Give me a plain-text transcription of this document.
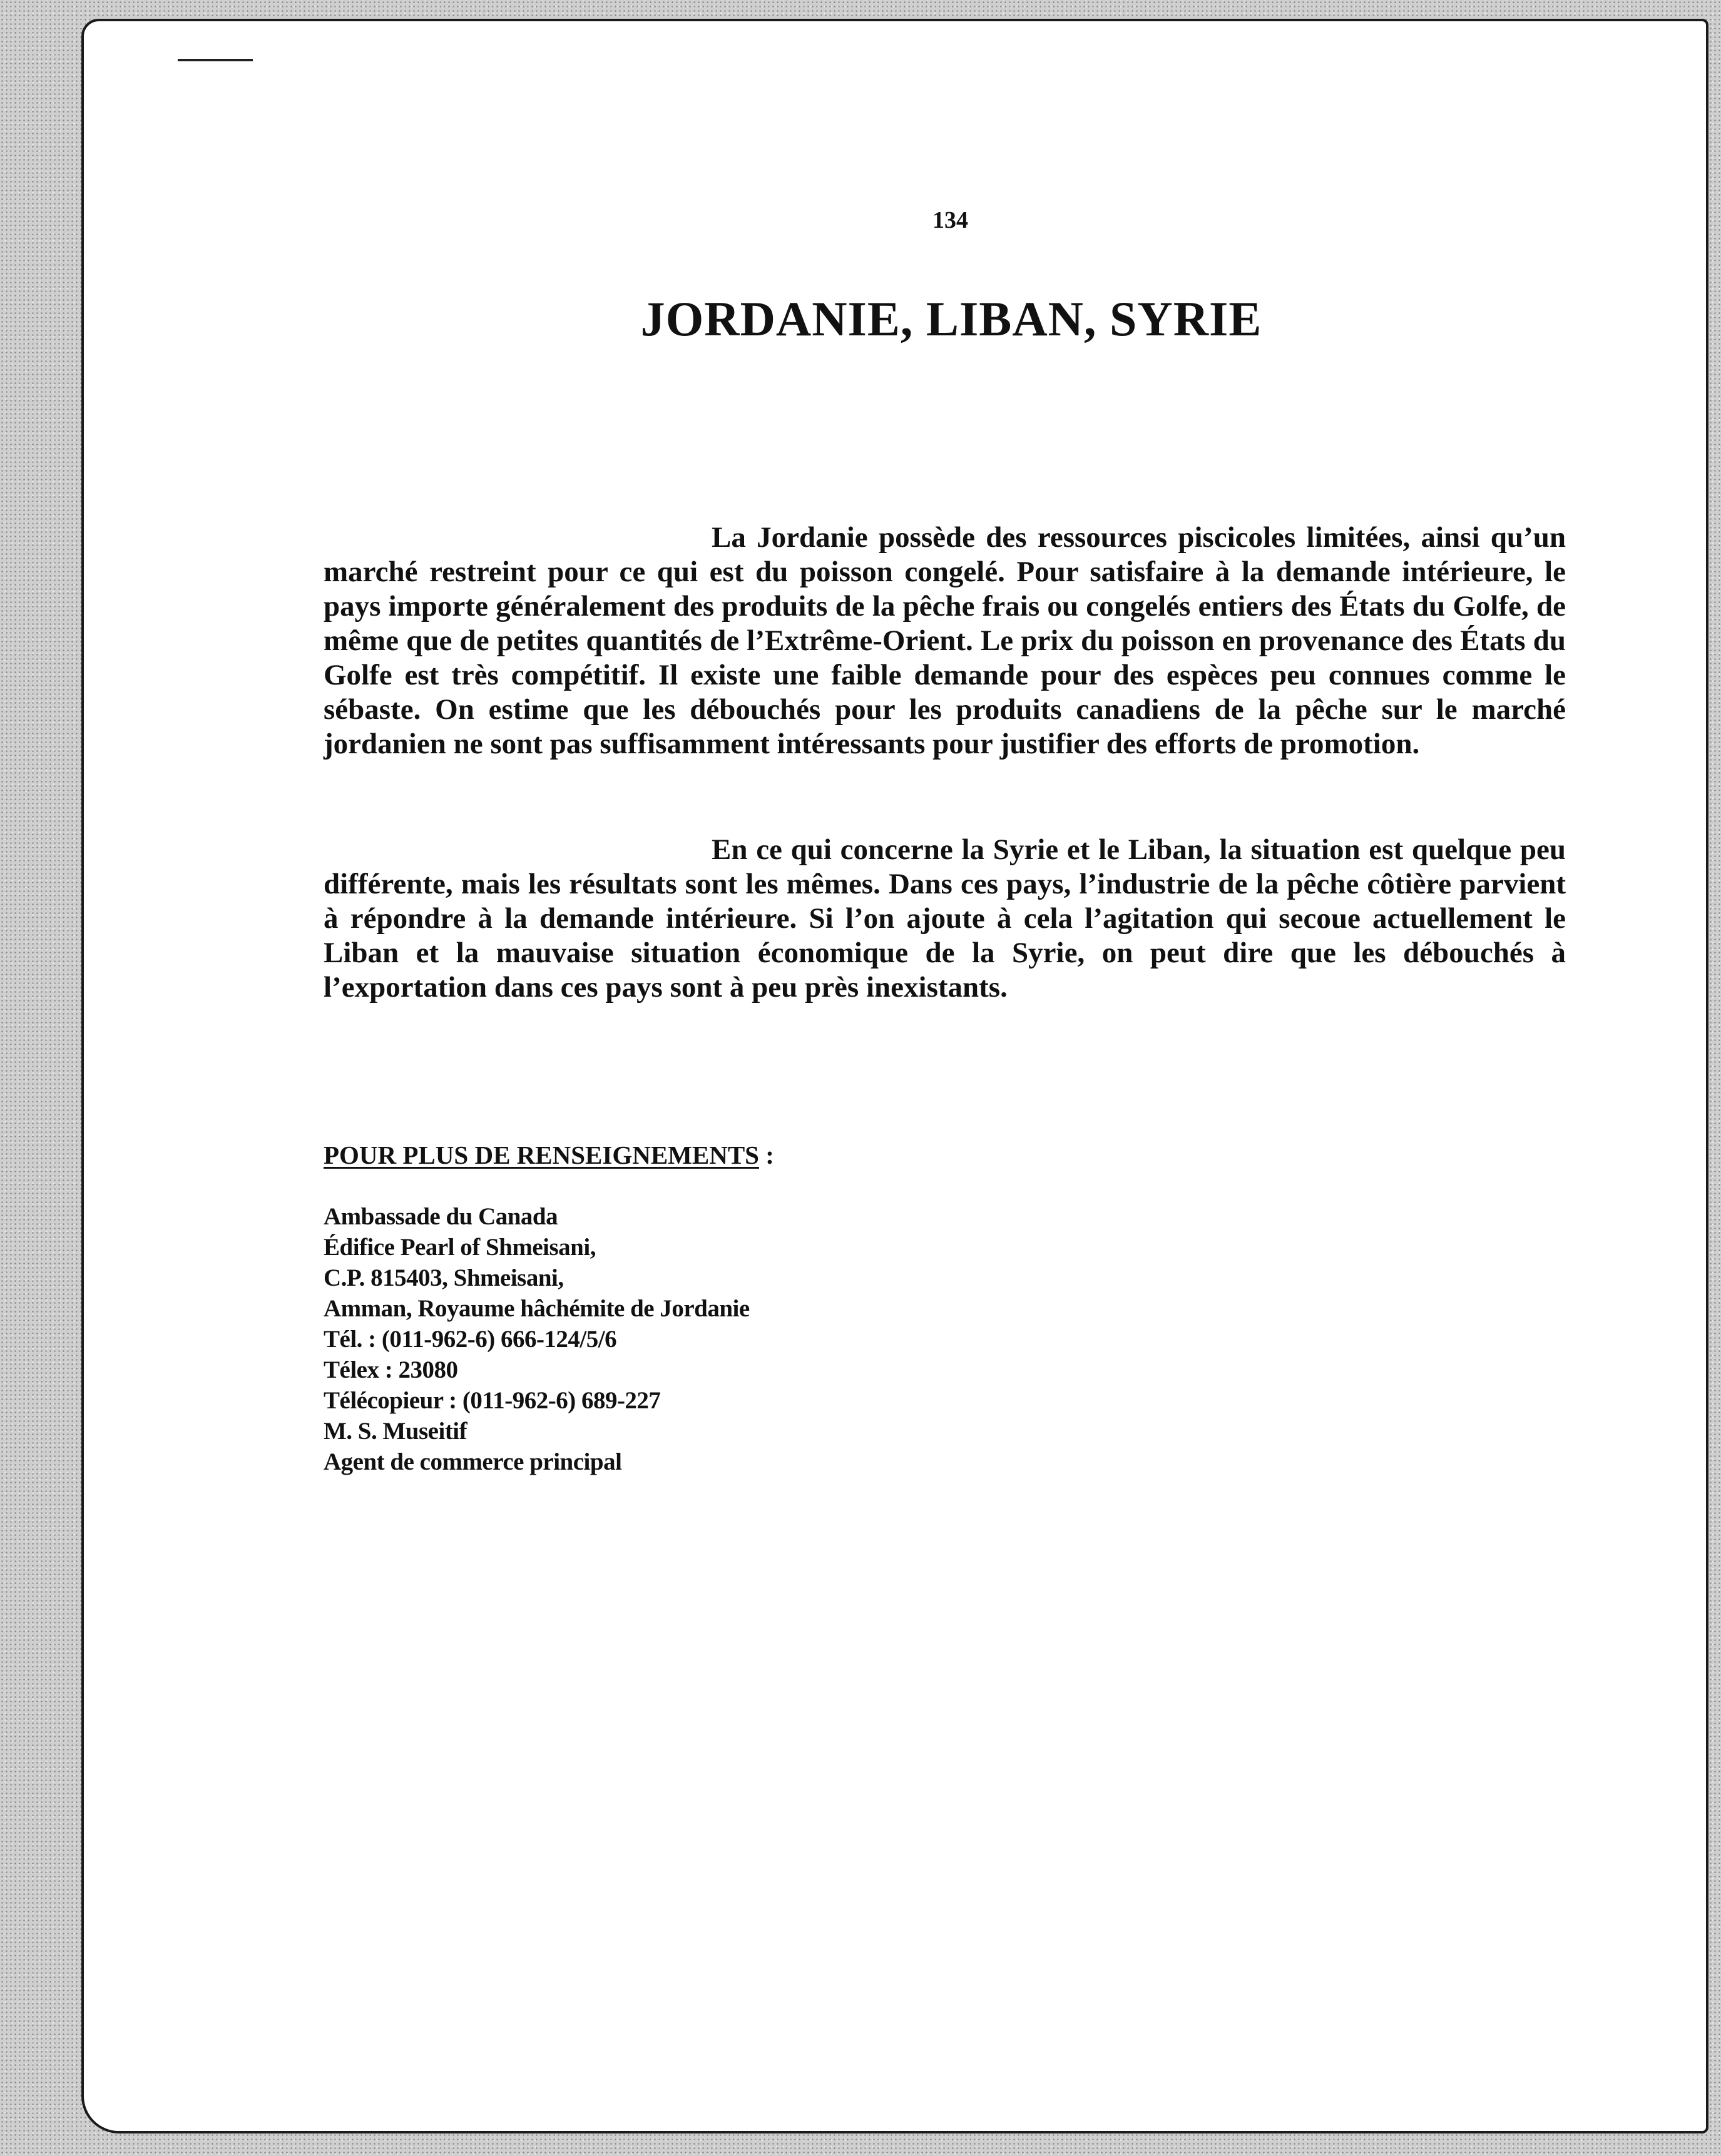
134
JORDANIE, LIBAN, SYRIE

La Jordanie possède des ressources piscicoles limitées, ainsi qu’un marché restreint pour ce qui est du poisson congelé. Pour satisfaire à la demande intérieure, le pays importe généralement des produits de la pêche frais ou congelés entiers des États du Golfe, de même que de petites quantités de l’Extrême-Orient. Le prix du poisson en provenance des États du Golfe est très compétitif. Il existe une faible demande pour des espèces peu connues comme le sébaste. On estime que les débouchés pour les produits canadiens de la pêche sur le marché jordanien ne sont pas suffisamment intéressants pour justifier des efforts de promotion.

En ce qui concerne la Syrie et le Liban, la situation est quelque peu différente, mais les résultats sont les mêmes. Dans ces pays, l’industrie de la pêche côtière parvient à répondre à la demande intérieure. Si l’on ajoute à cela l’agitation qui secoue actuellement le Liban et la mauvaise situation économique de la Syrie, on peut dire que les débouchés à l’exportation dans ces pays sont à peu près inexistants.

POUR PLUS DE RENSEIGNEMENTS :

Ambassade du Canada
Édifice Pearl of Shmeisani,
C.P. 815403, Shmeisani,
Amman, Royaume hâchémite de Jordanie
Tél. : (011-962-6) 666-124/5/6
Télex : 23080
Télécopieur : (011-962-6) 689-227
M. S. Museitif
Agent de commerce principal
